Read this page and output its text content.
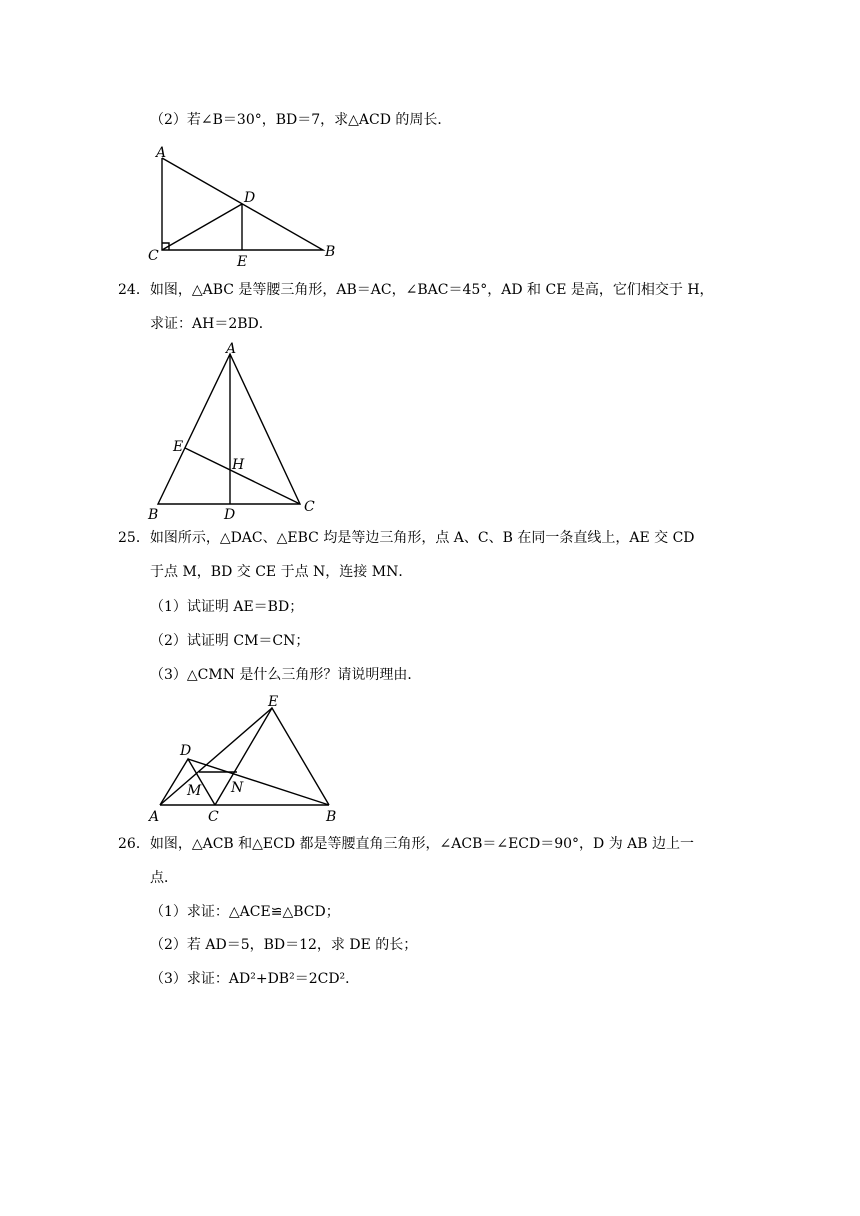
（2）若∠B＝30°，BD＝7，求△ACD 的周长．
A
D
C	E
B
24．如图，△ABC 是等腰三角形，AB＝AC，∠BAC＝45°，AD 和 CE 是高，它们相交于 H，
求证：AH＝2BD．
A
E
H
B	D	C
25．如图所示，△DAC、△EBC 均是等边三角形，点 A、C、B 在同一条直线上，AE 交 CD
于点 M，BD 交 CE 于点 N，连接 MN．
（1）试证明 AE＝BD；
（2）试证明 CM＝CN；
（3）△CMN 是什么三角形？请说明理由．
E
D
M N
A	C	B
26．如图，△ACB 和△ECD 都是等腰直角三角形，∠ACB＝∠ECD＝90°，D 为 AB 边上一
点．
（1）求证：△ACE≌△BCD；
（2）若 AD＝5，BD＝12，求 DE 的长；
（3）求证：AD²+DB²＝2CD²．
